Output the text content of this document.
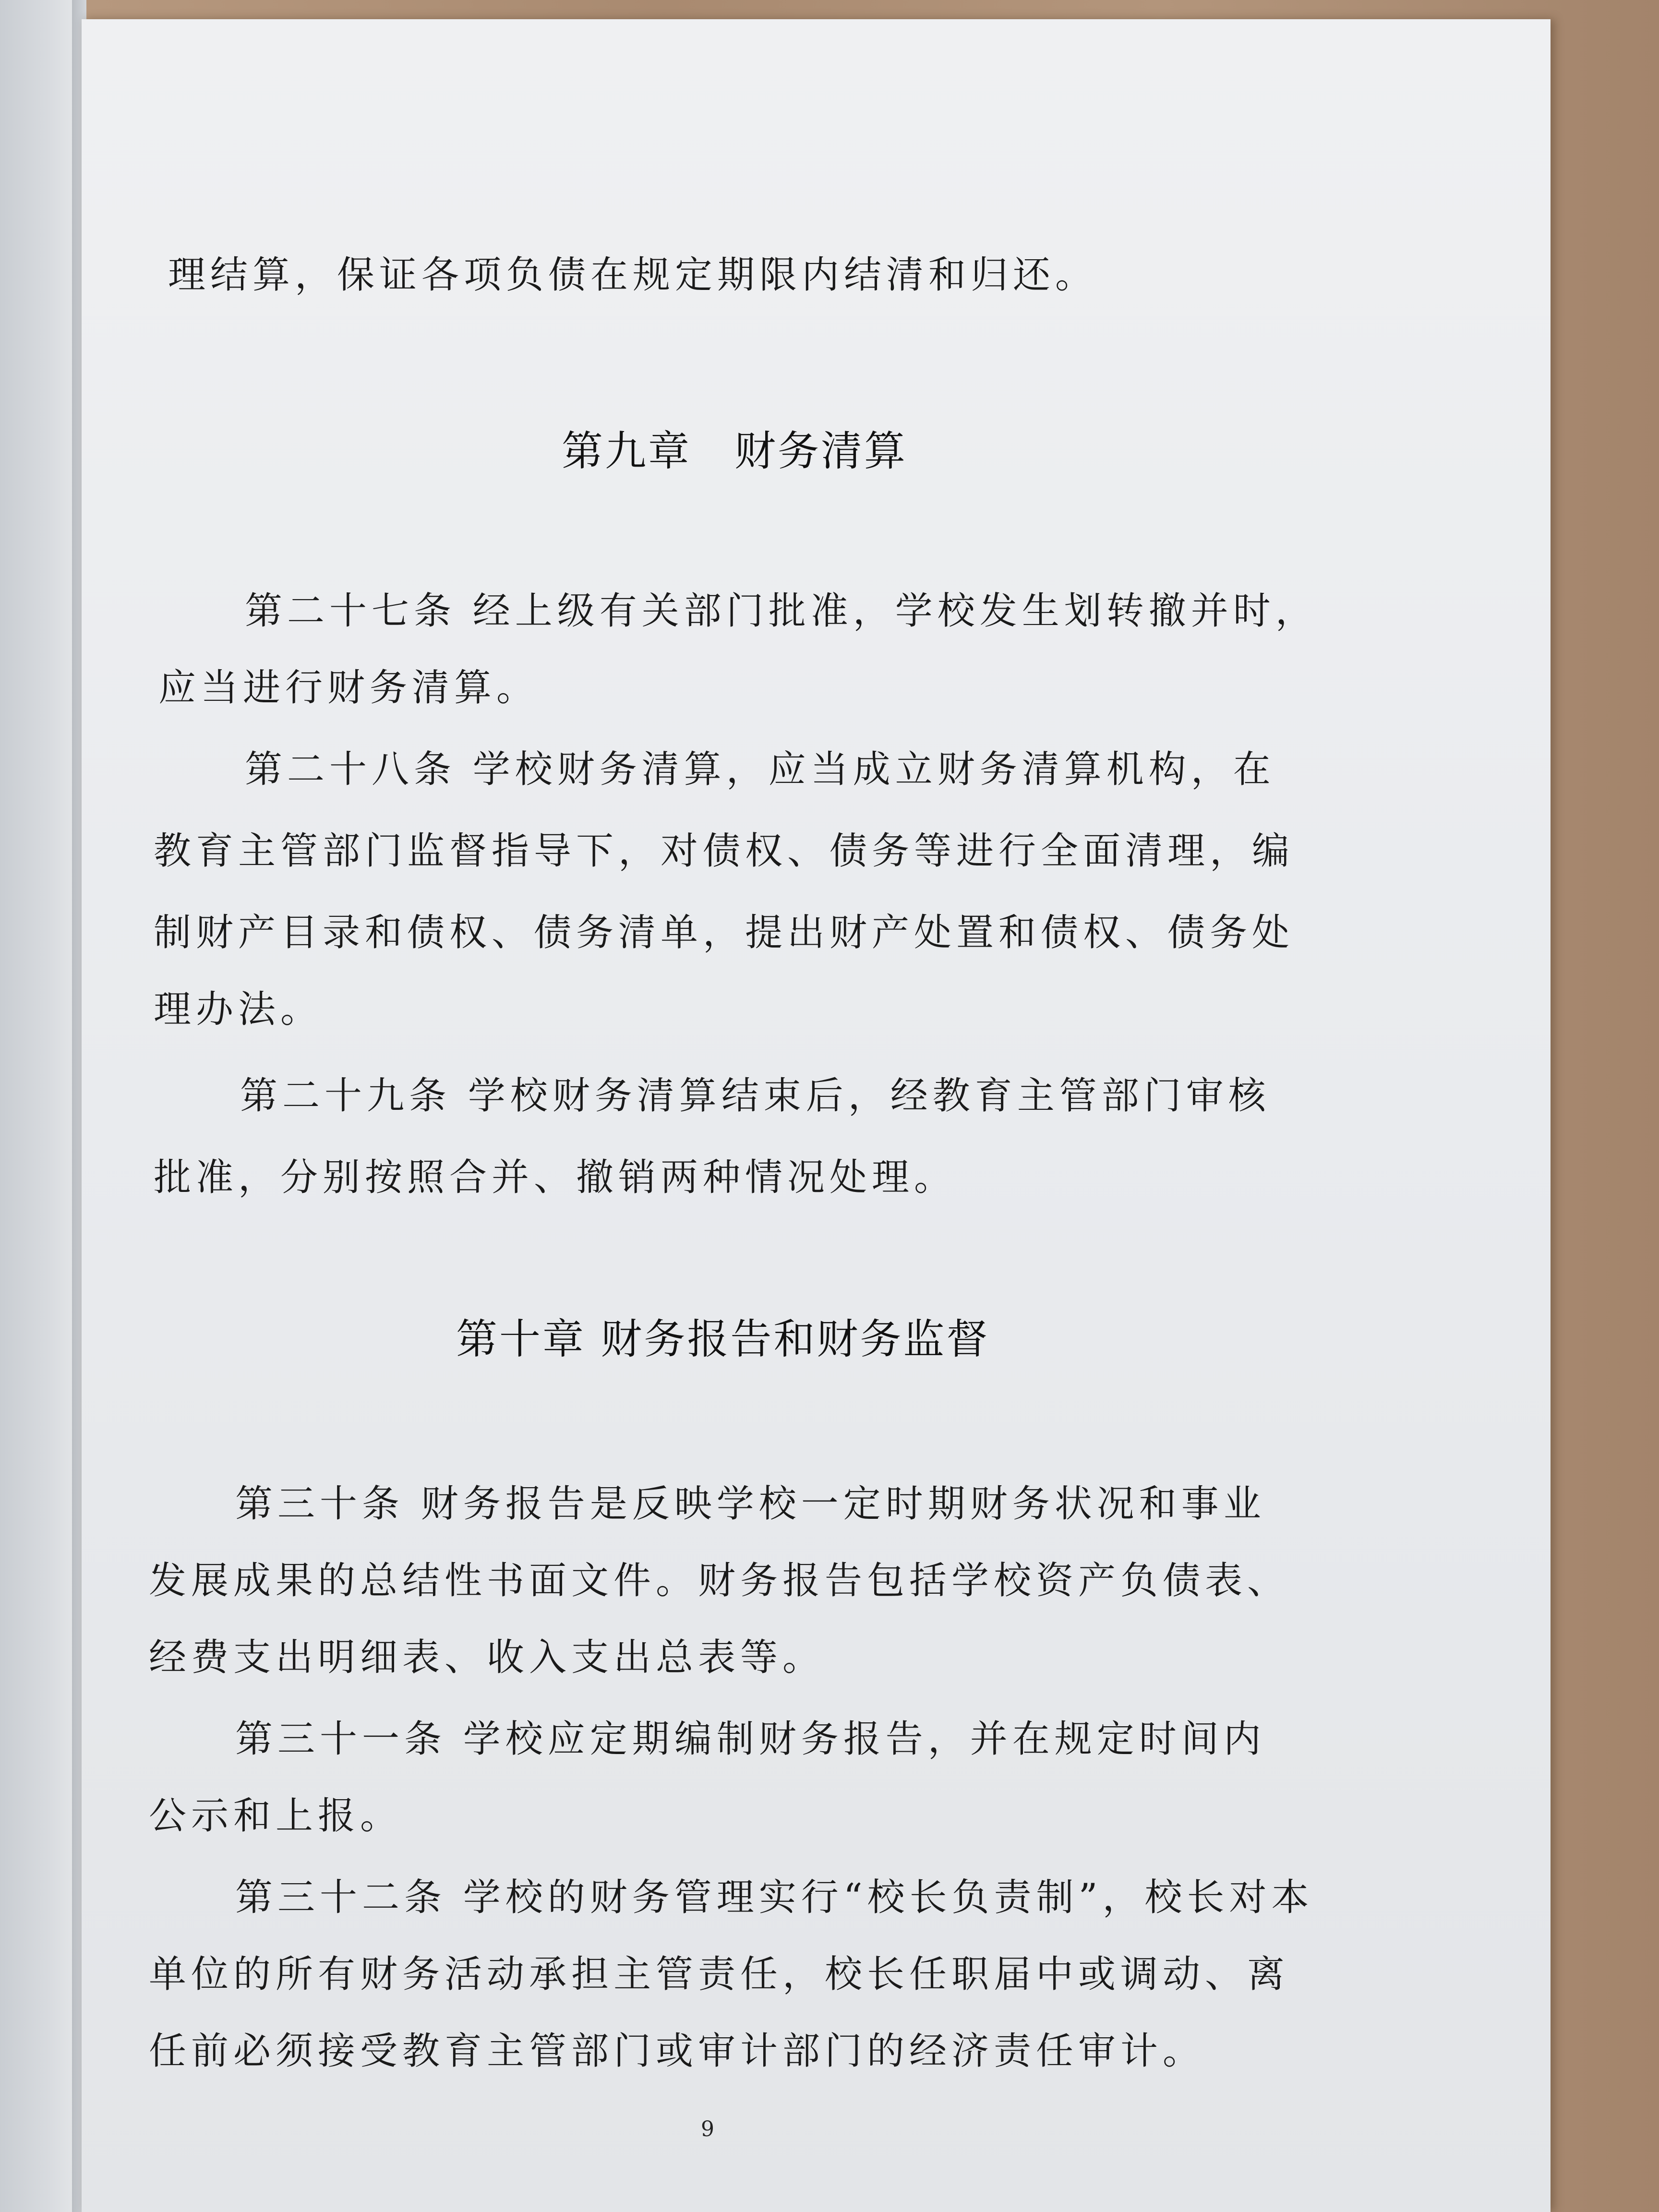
理结算，保证各项负债在规定期限内结清和归还。
第九章　财务清算
第二十七条 经上级有关部门批准，学校发生划转撤并时，
应当进行财务清算。
第二十八条 学校财务清算，应当成立财务清算机构，在
教育主管部门监督指导下，对债权、债务等进行全面清理，编
制财产目录和债权、债务清单，提出财产处置和债权、债务处
理办法。
第二十九条 学校财务清算结束后，经教育主管部门审核
批准，分别按照合并、撤销两种情况处理。
第十章 财务报告和财务监督
第三十条 财务报告是反映学校一定时期财务状况和事业
发展成果的总结性书面文件。财务报告包括学校资产负债表、
经费支出明细表、收入支出总表等。
第三十一条 学校应定期编制财务报告，并在规定时间内
公示和上报。
第三十二条 学校的财务管理实行“校长负责制”，校长对本
单位的所有财务活动承担主管责任，校长任职届中或调动、离
任前必须接受教育主管部门或审计部门的经济责任审计。
9
